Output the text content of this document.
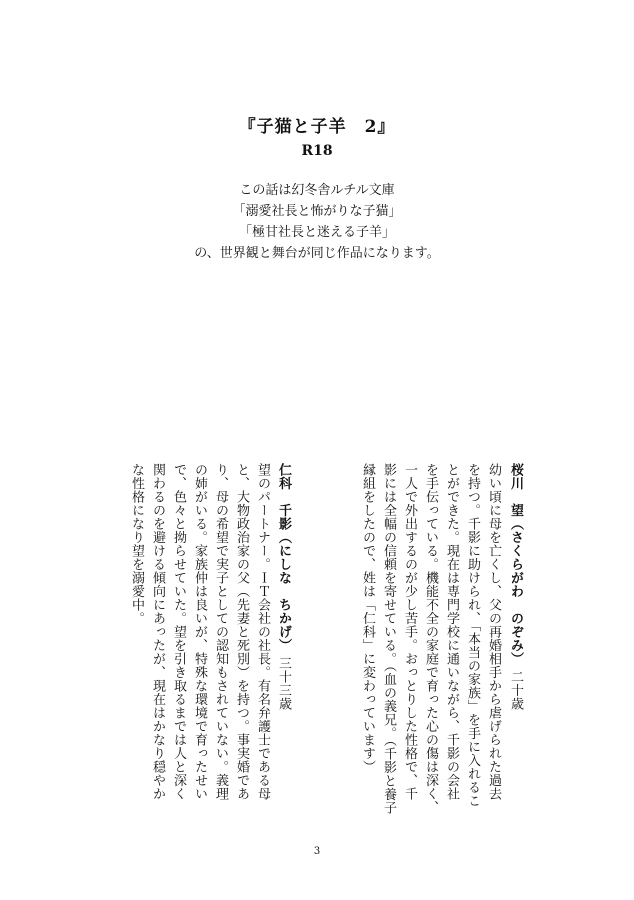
『子猫と子羊　2』
R18
この話は幻冬舎ルチル文庫
「溺愛社長と怖がりな子猫」
「極甘社長と迷える子羊」
の、世界観と舞台が同じ作品になります。
桜川　望（さくらがわ　のぞみ） 二十歳
幼い頃に母を亡くし、父の再婚相手から虐げられた過去
を持つ。千影に助けられ、「本当の家族」を手に入れるこ
とができた。現在は専門学校に通いながら、千影の会社
を手伝っている。機能不全の家庭で育った心の傷は深く、
一人で外出するのが少し苦手。おっとりした性格で、千
影には全幅の信頼を寄せている。（血の義兄。（千影と養子
縁組をしたので、姓は「仁科」に変わっています）
仁科　千影（にしな　ちかげ） 三十三歳
望のパートナー。ＩＴ会社の社長。有名弁護士である母
と、大物政治家の父（先妻と死別）を持つ。事実婚であ
り、母の希望で実子としての認知もされていない。義理
の姉がいる。家族仲は良いが、特殊な環境で育ったせい
で、色々と拗らせていた。望を引き取るまでは人と深く
関わるのを避ける傾向にあったが、現在はかなり穏やか
な性格になり望を溺愛中。
3
